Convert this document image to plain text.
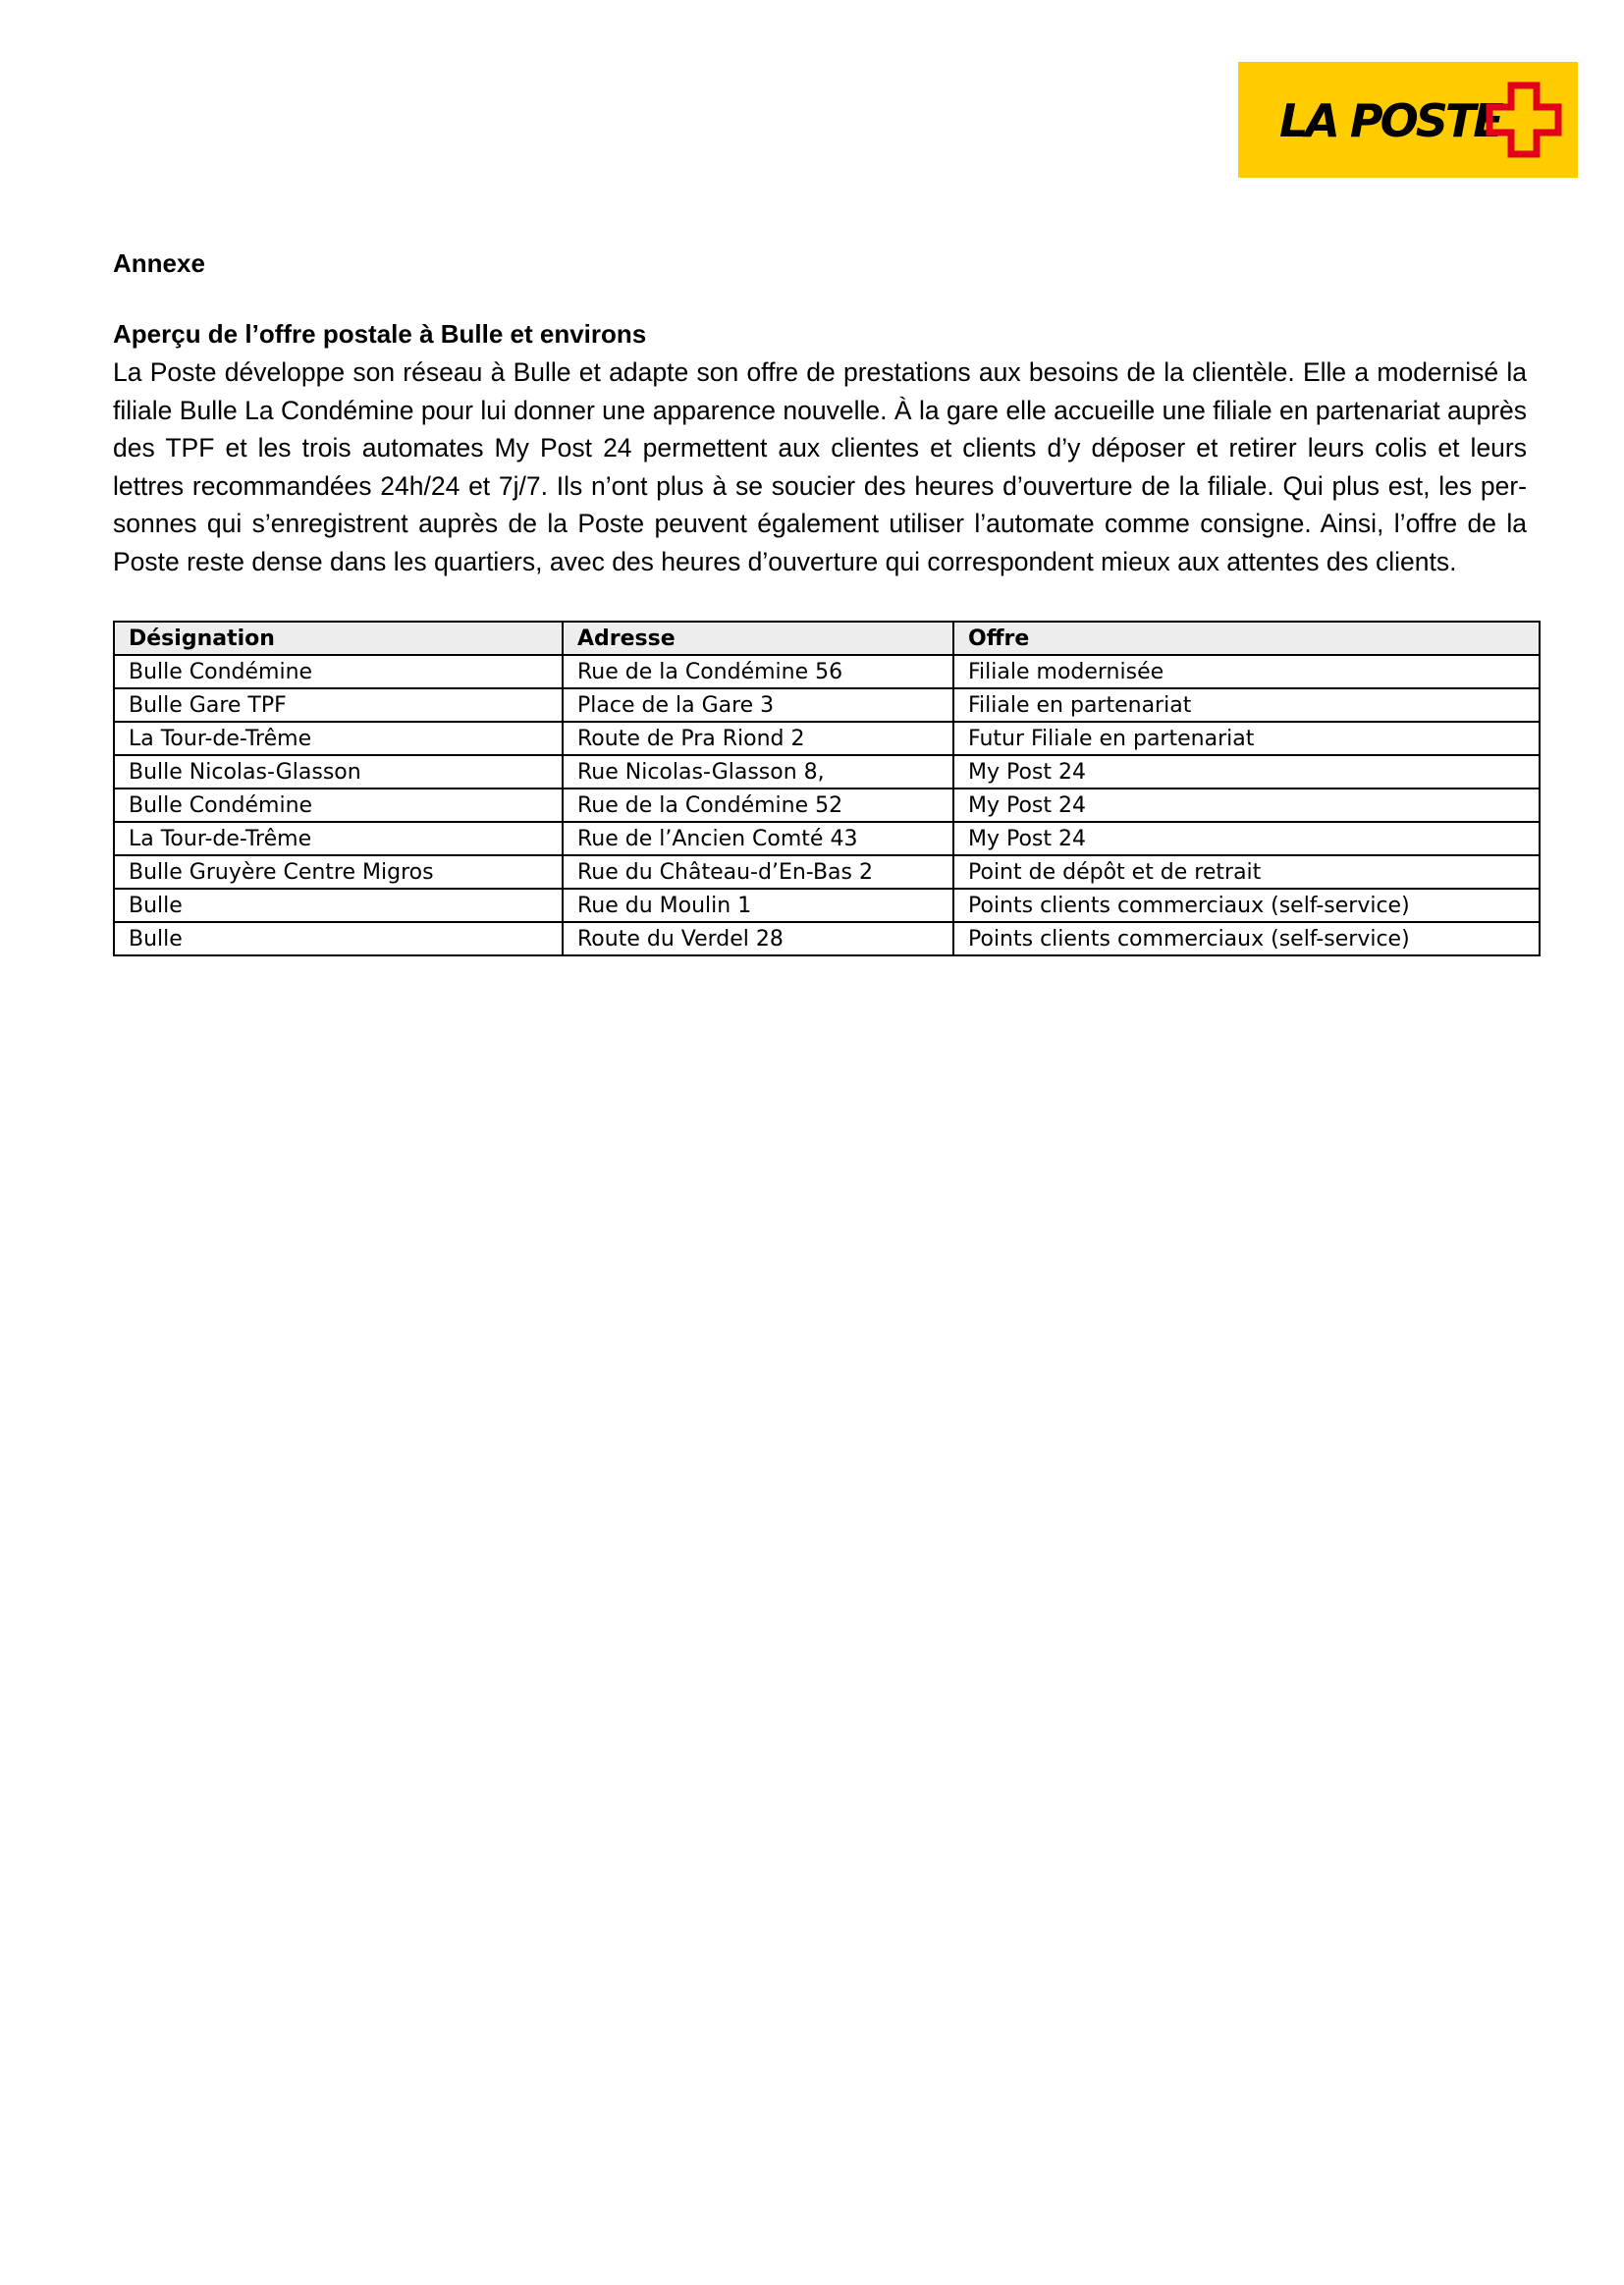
LA POSTE
Annexe
Aperçu de l’offre postale à Bulle et environs

La Poste développe son réseau à Bulle et adapte son offre de prestations aux besoins de la clientèle. Elle a modernisé la filiale Bulle La Condémine pour lui donner une apparence nouvelle. À la gare elle accueille une filiale en partenariat auprès des TPF et les trois automates My Post 24 permettent aux clientes et clients d’y déposer et retirer leurs colis et leurs lettres recommandées 24h/24 et 7j/7. Ils n’ont plus à se soucier des heures d’ouverture de la filiale. Qui plus est, les personnes qui s’enregistrent auprès de la Poste peuvent également utiliser l’automate comme consigne. Ainsi, l’offre de la Poste reste dense dans les quartiers, avec des heures d’ouverture qui correspondent mieux aux attentes des clients.

Désignation	Adresse	Offre
Bulle Condémine	Rue de la Condémine 56	Filiale modernisée
Bulle Gare TPF	Place de la Gare 3	Filiale en partenariat
La Tour-de-Trême	Route de Pra Riond 2	Futur Filiale en partenariat
Bulle Nicolas-Glasson	Rue Nicolas-Glasson 8,	My Post 24
Bulle Condémine	Rue de la Condémine 52	My Post 24
La Tour-de-Trême	Rue de l’Ancien Comté 43	My Post 24
Bulle Gruyère Centre Migros	Rue du Château-d’En-Bas 2	Point de dépôt et de retrait
Bulle	Rue du Moulin 1	Points clients commerciaux (self-service)
Bulle	Route du Verdel 28	Points clients commerciaux (self-service)
